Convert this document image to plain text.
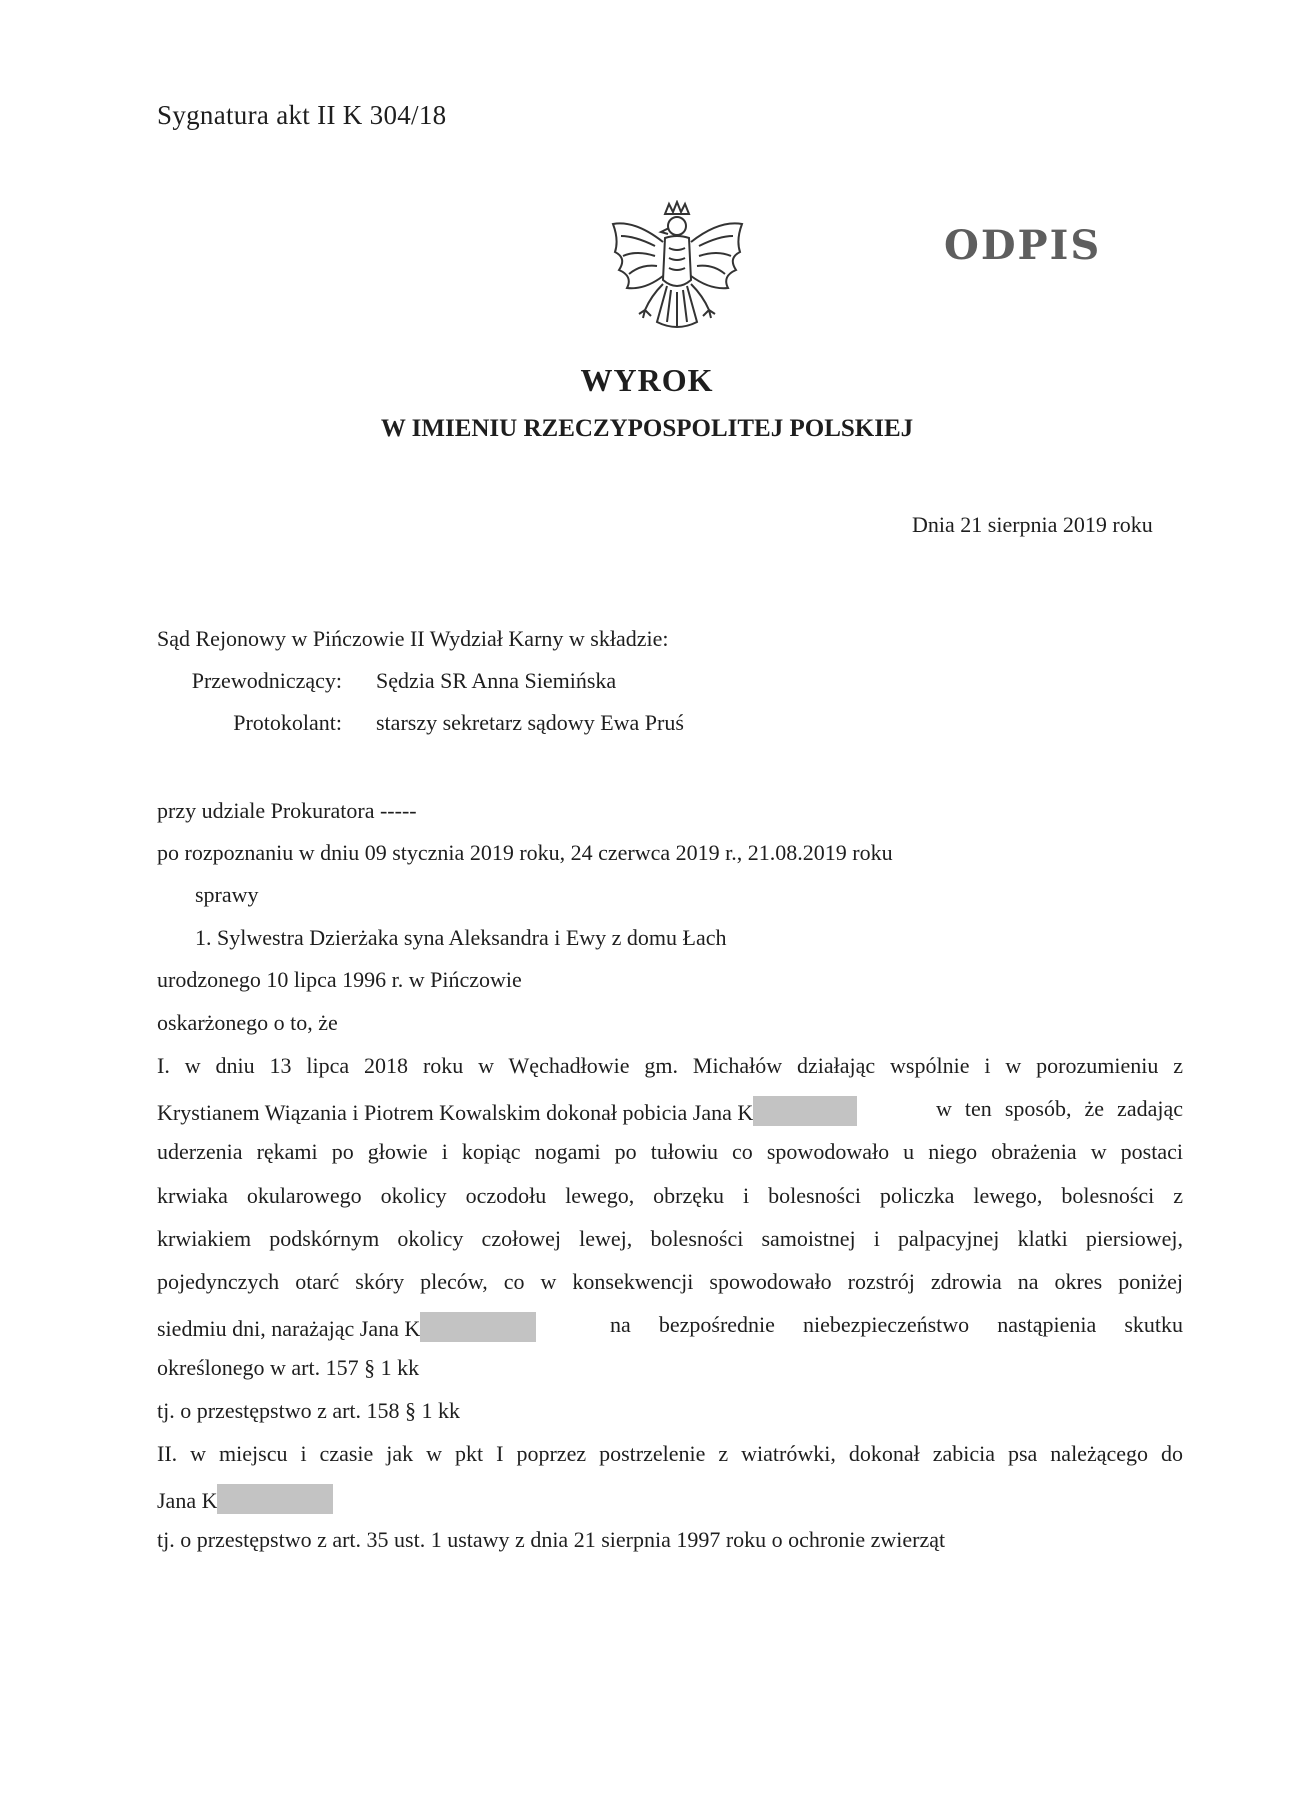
Sygnatura akt II K 304/18
ODPIS
WYROK
W IMIENIU RZECZYPOSPOLITEJ POLSKIEJ
Dnia 21 sierpnia 2019 roku
Sąd Rejonowy w Pińczowie II Wydział Karny w składzie:
Przewodniczący: Sędzia SR Anna Siemińska
Protokolant: starszy sekretarz sądowy Ewa Pruś
przy udziale Prokuratora -----
po rozpoznaniu w dniu 09 stycznia 2019 roku, 24 czerwca 2019 r., 21.08.2019 roku
sprawy
1. Sylwestra Dzierżaka syna Aleksandra i Ewy z domu Łach
urodzonego 10 lipca 1996 r. w Pińczowie
oskarżonego o to, że
I. w dniu 13 lipca 2018 roku w Węchadłowie gm. Michałów działając wspólnie i w porozumieniu z
Krystianem Wiązania i Piotrem Kowalskim dokonał pobicia Jana K	w ten sposób, że zadając
uderzenia rękami po głowie i kopiąc nogami po tułowiu co spowodowało u niego obrażenia w postaci
krwiaka okularowego okolicy oczodołu lewego, obrzęku i bolesności policzka lewego, bolesności z
krwiakiem podskórnym okolicy czołowej lewej, bolesności samoistnej i palpacyjnej klatki piersiowej,
pojedynczych otarć skóry pleców, co w konsekwencji spowodowało rozstrój zdrowia na okres poniżej
siedmiu dni, narażając Jana K	na bezpośrednie niebezpieczeństwo nastąpienia skutku
określonego w art. 157 § 1 kk
tj. o przestępstwo z art. 158 § 1 kk
II. w miejscu i czasie jak w pkt I poprzez postrzelenie z wiatrówki, dokonał zabicia psa należącego do
Jana K
tj. o przestępstwo z art. 35 ust. 1 ustawy z dnia 21 sierpnia 1997 roku o ochronie zwierząt
